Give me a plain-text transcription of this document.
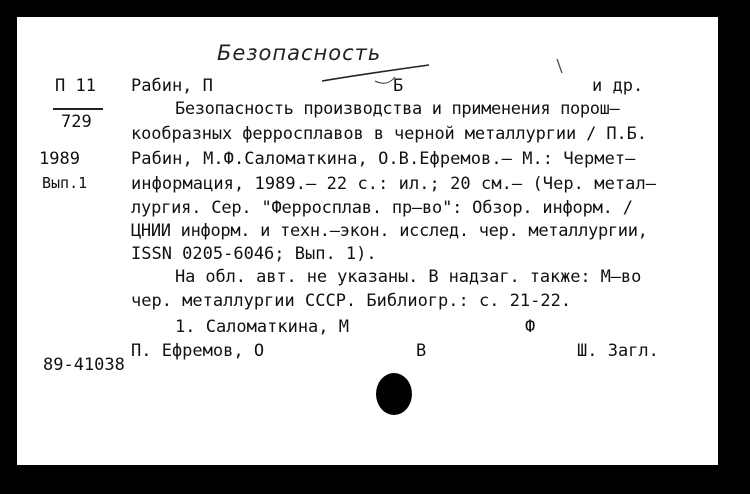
Безопасность
П 11
729
1989
Вып.1
Рабин, П	Б	и др.
Безопасность производства и применения порош–
кообразных ферросплавов в черной металлургии / П.Б.
Рабин, М.Ф.Саломаткина, О.В.Ефремов.– М.: Чермет–
информация, 1989.– 22 с.: ил.; 20 см.– (Чер. метал–
лургия. Сер. "Ферросплав. пр–во": Обзор. информ. /
ЦНИИ информ. и техн.–экон. исслед. чер. металлургии,
ISSN 0205-6046; Вып. 1).
На обл. авт. не указаны. В надзаг. также: М–во
чер. металлургии СССР. Библиогр.: с. 21-22.
1. Саломаткина, М	Ф
П. Ефремов, О	В	Ш. Загл.
89-41038
